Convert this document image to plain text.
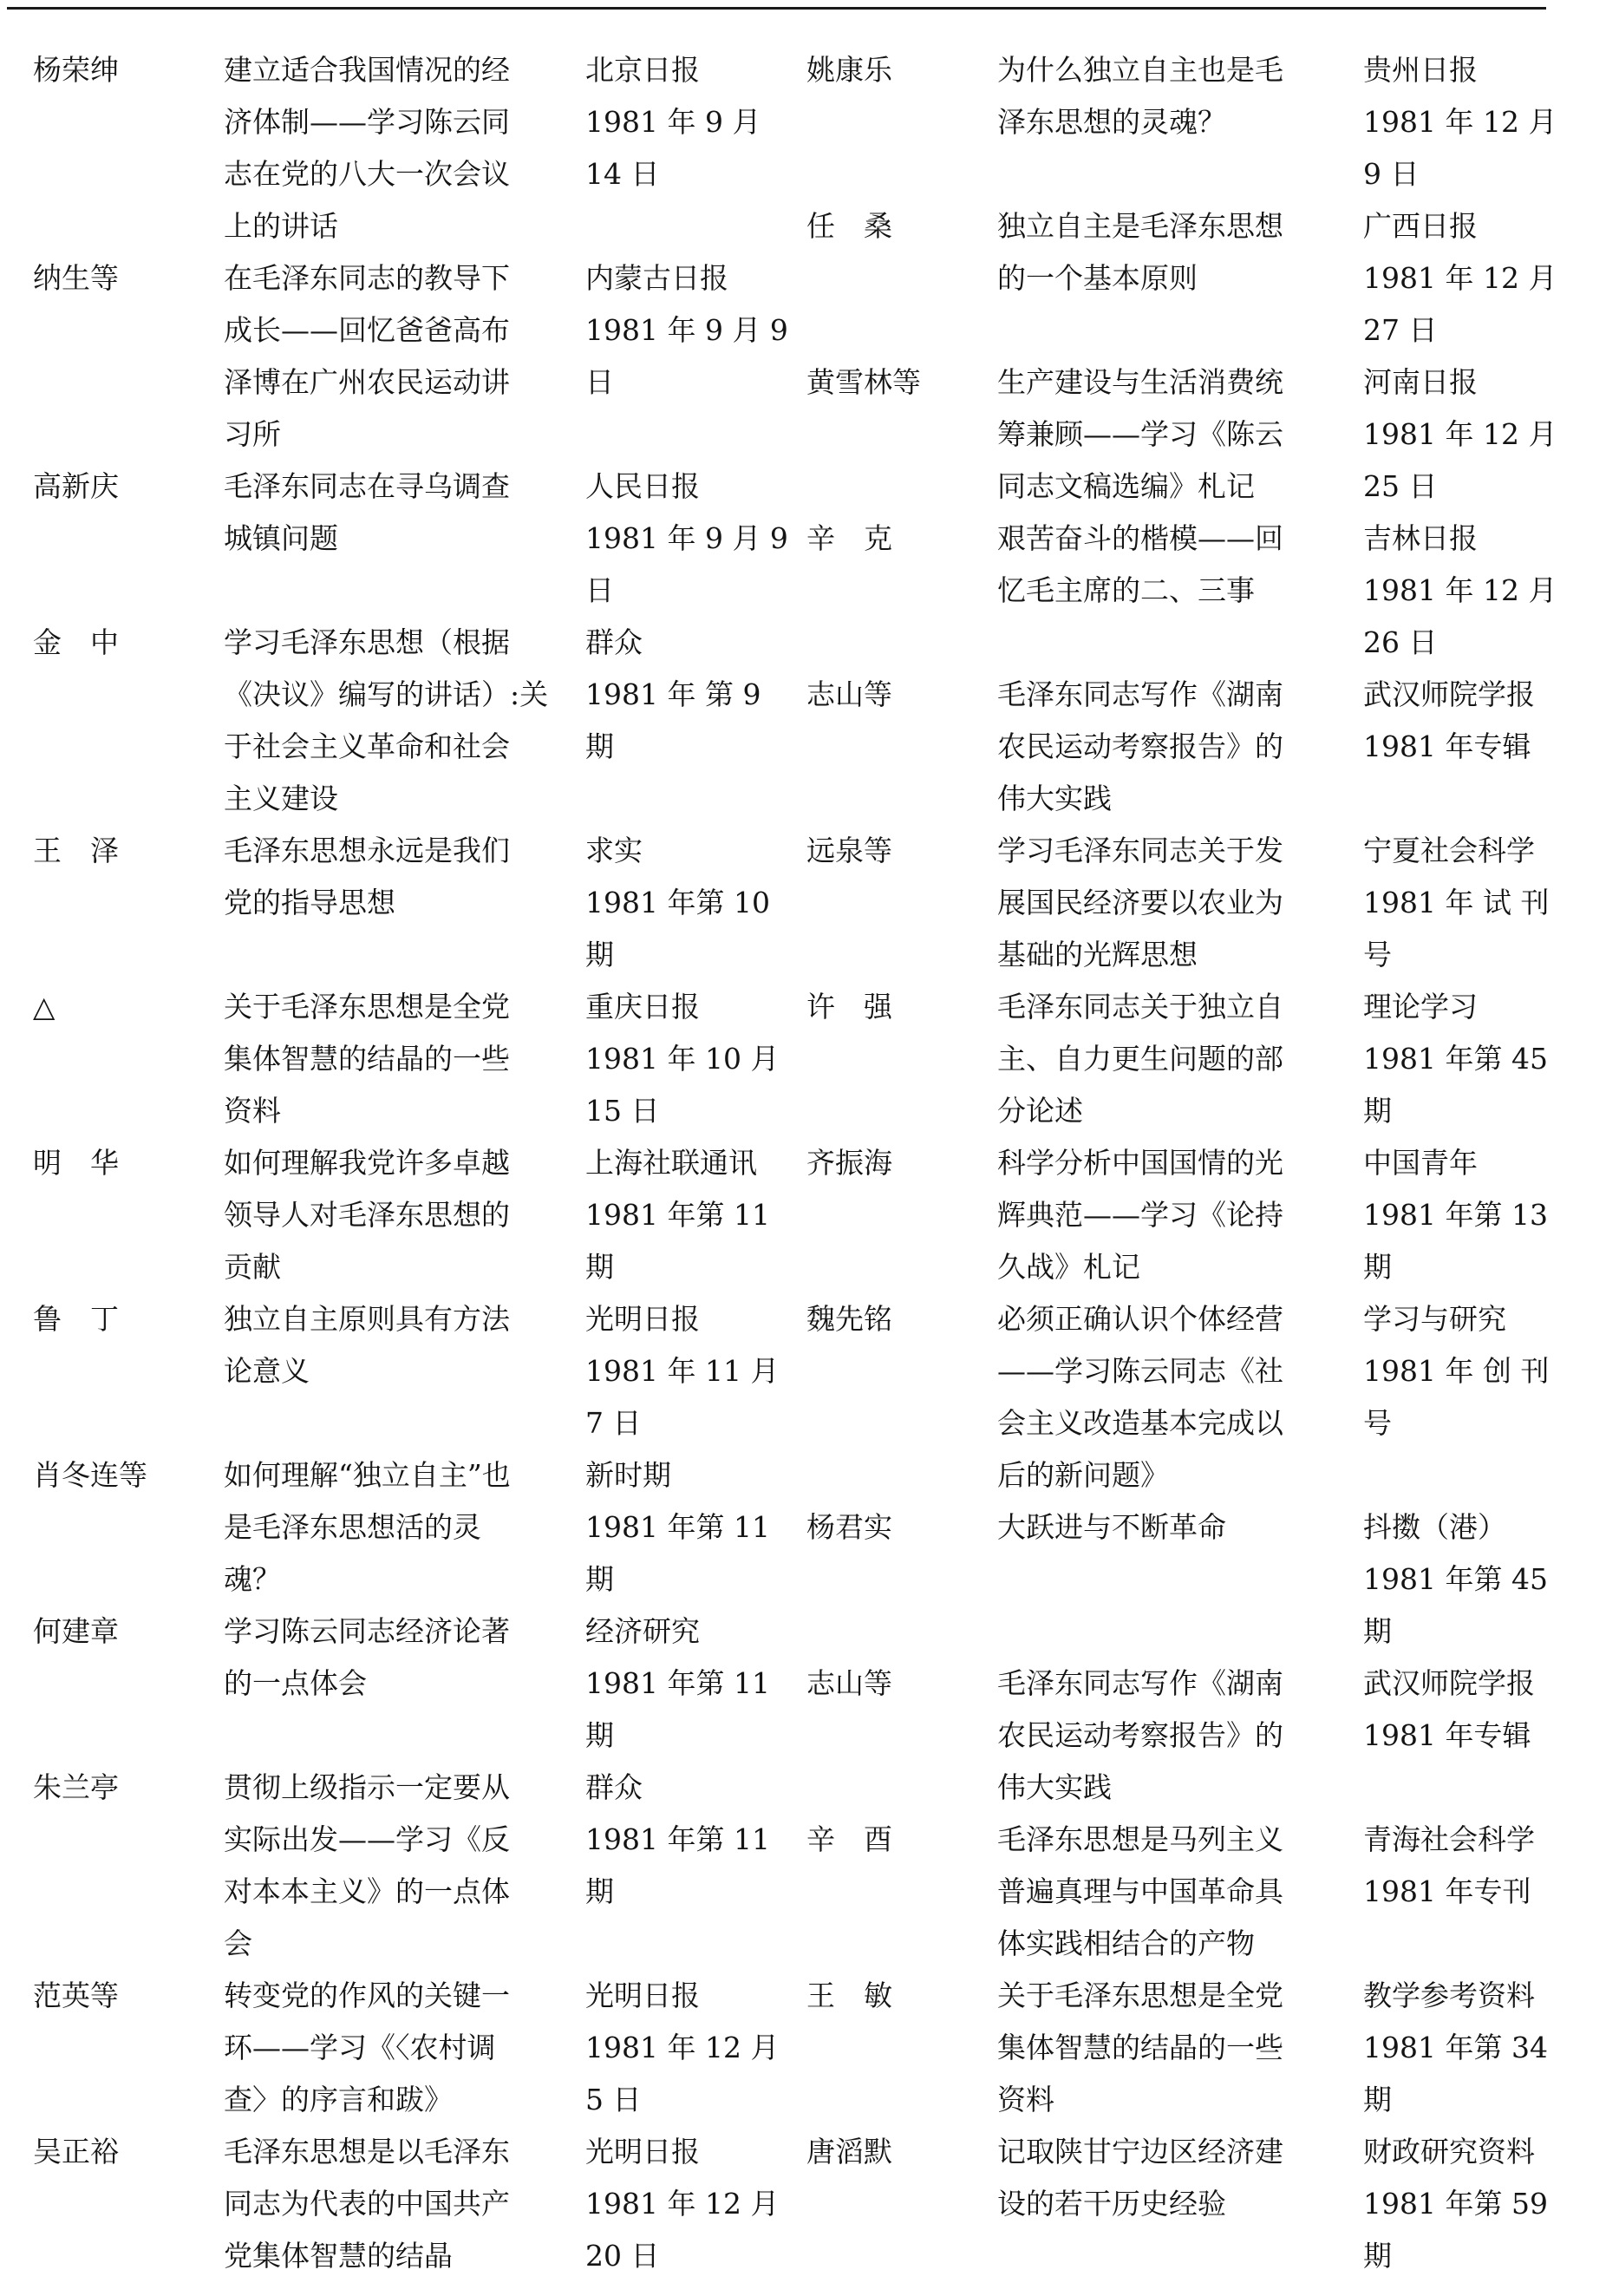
杨荣绅
纳生等
高新庆
金　中
王　泽
△
明　华
鲁　丁
肖冬连等
何建章
朱兰亭
范英等
吴正裕
建立适合我国情况的经
济体制——学习陈云同
志在党的八大一次会议
上的讲话
在毛泽东同志的教导下
成长——回忆爸爸高布
泽博在广州农民运动讲
习所
毛泽东同志在寻乌调查
城镇问题
学习毛泽东思想（根据
《决议》编写的讲话）:关
于社会主义革命和社会
主义建设
毛泽东思想永远是我们
党的指导思想
关于毛泽东思想是全党
集体智慧的结晶的一些
资料
如何理解我党许多卓越
领导人对毛泽东思想的
贡献
独立自主原则具有方法
论意义
如何理解“独立自主”也
是毛泽东思想活的灵
魂？
学习陈云同志经济论著
的一点体会
贯彻上级指示一定要从
实际出发——学习《反
对本本主义》的一点体
会
转变党的作风的关键一
环——学习《〈农村调
查〉的序言和跋》
毛泽东思想是以毛泽东
同志为代表的中国共产
党集体智慧的结晶
北京日报
1981 年 9 月
14 日
内蒙古日报
1981 年 9 月 9
日
人民日报
1981 年 9 月 9
日
群众
1981 年 第 9
期
求实
1981 年第 10
期
重庆日报
1981 年 10 月
15 日
上海社联通讯
1981 年第 11
期
光明日报
1981 年 11 月
7 日
新时期
1981 年第 11
期
经济研究
1981 年第 11
期
群众
1981 年第 11
期
光明日报
1981 年 12 月
5 日
光明日报
1981 年 12 月
20 日
姚康乐
任　桑
黄雪林等
辛　克
志山等
远泉等
许　强
齐振海
魏先铭
杨君实
志山等
辛　酉
王　敏
唐滔默
为什么独立自主也是毛
泽东思想的灵魂？
独立自主是毛泽东思想
的一个基本原则
生产建设与生活消费统
筹兼顾——学习《陈云
同志文稿选编》札记
艰苦奋斗的楷模——回
忆毛主席的二、三事
毛泽东同志写作《湖南
农民运动考察报告》的
伟大实践
学习毛泽东同志关于发
展国民经济要以农业为
基础的光辉思想
毛泽东同志关于独立自
主、自力更生问题的部
分论述
科学分析中国国情的光
辉典范——学习《论持
久战》札记
必须正确认识个体经营
——学习陈云同志《社
会主义改造基本完成以
后的新问题》
大跃进与不断革命
毛泽东同志写作《湖南
农民运动考察报告》的
伟大实践
毛泽东思想是马列主义
普遍真理与中国革命具
体实践相结合的产物
关于毛泽东思想是全党
集体智慧的结晶的一些
资料
记取陕甘宁边区经济建
设的若干历史经验
贵州日报
1981 年 12 月
9 日
广西日报
1981 年 12 月
27 日
河南日报
1981 年 12 月
25 日
吉林日报
1981 年 12 月
26 日
武汉师院学报
1981 年专辑
宁夏社会科学
1981 年 试 刊
号
理论学习
1981 年第 45
期
中国青年
1981 年第 13
期
学习与研究
1981 年 创 刊
号
抖擞（港）
1981 年第 45
期
武汉师院学报
1981 年专辑
青海社会科学
1981 年专刊
教学参考资料
1981 年第 34
期
财政研究资料
1981 年第 59
期
